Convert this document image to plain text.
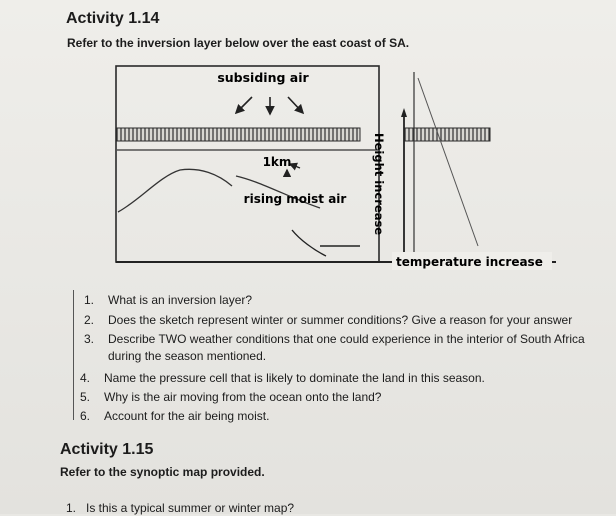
Activity 1.14
Refer to the inversion layer below over the east coast of SA.
subsiding air
1km
rising moist air Height increase
temperature increase
1. What is an inversion layer?
2. Does the sketch represent winter or summer conditions? Give a reason for your answer
3. Describe TWO weather conditions that one could experience in the interior of South Africa
during the season mentioned.
4. Name the pressure cell that is likely to dominate the land in this season.
5. Why is the air moving from the ocean onto the land?
6. Account for the air being moist.
Activity 1.15
Refer to the synoptic map provided.
1. Is this a typical summer or winter map?
